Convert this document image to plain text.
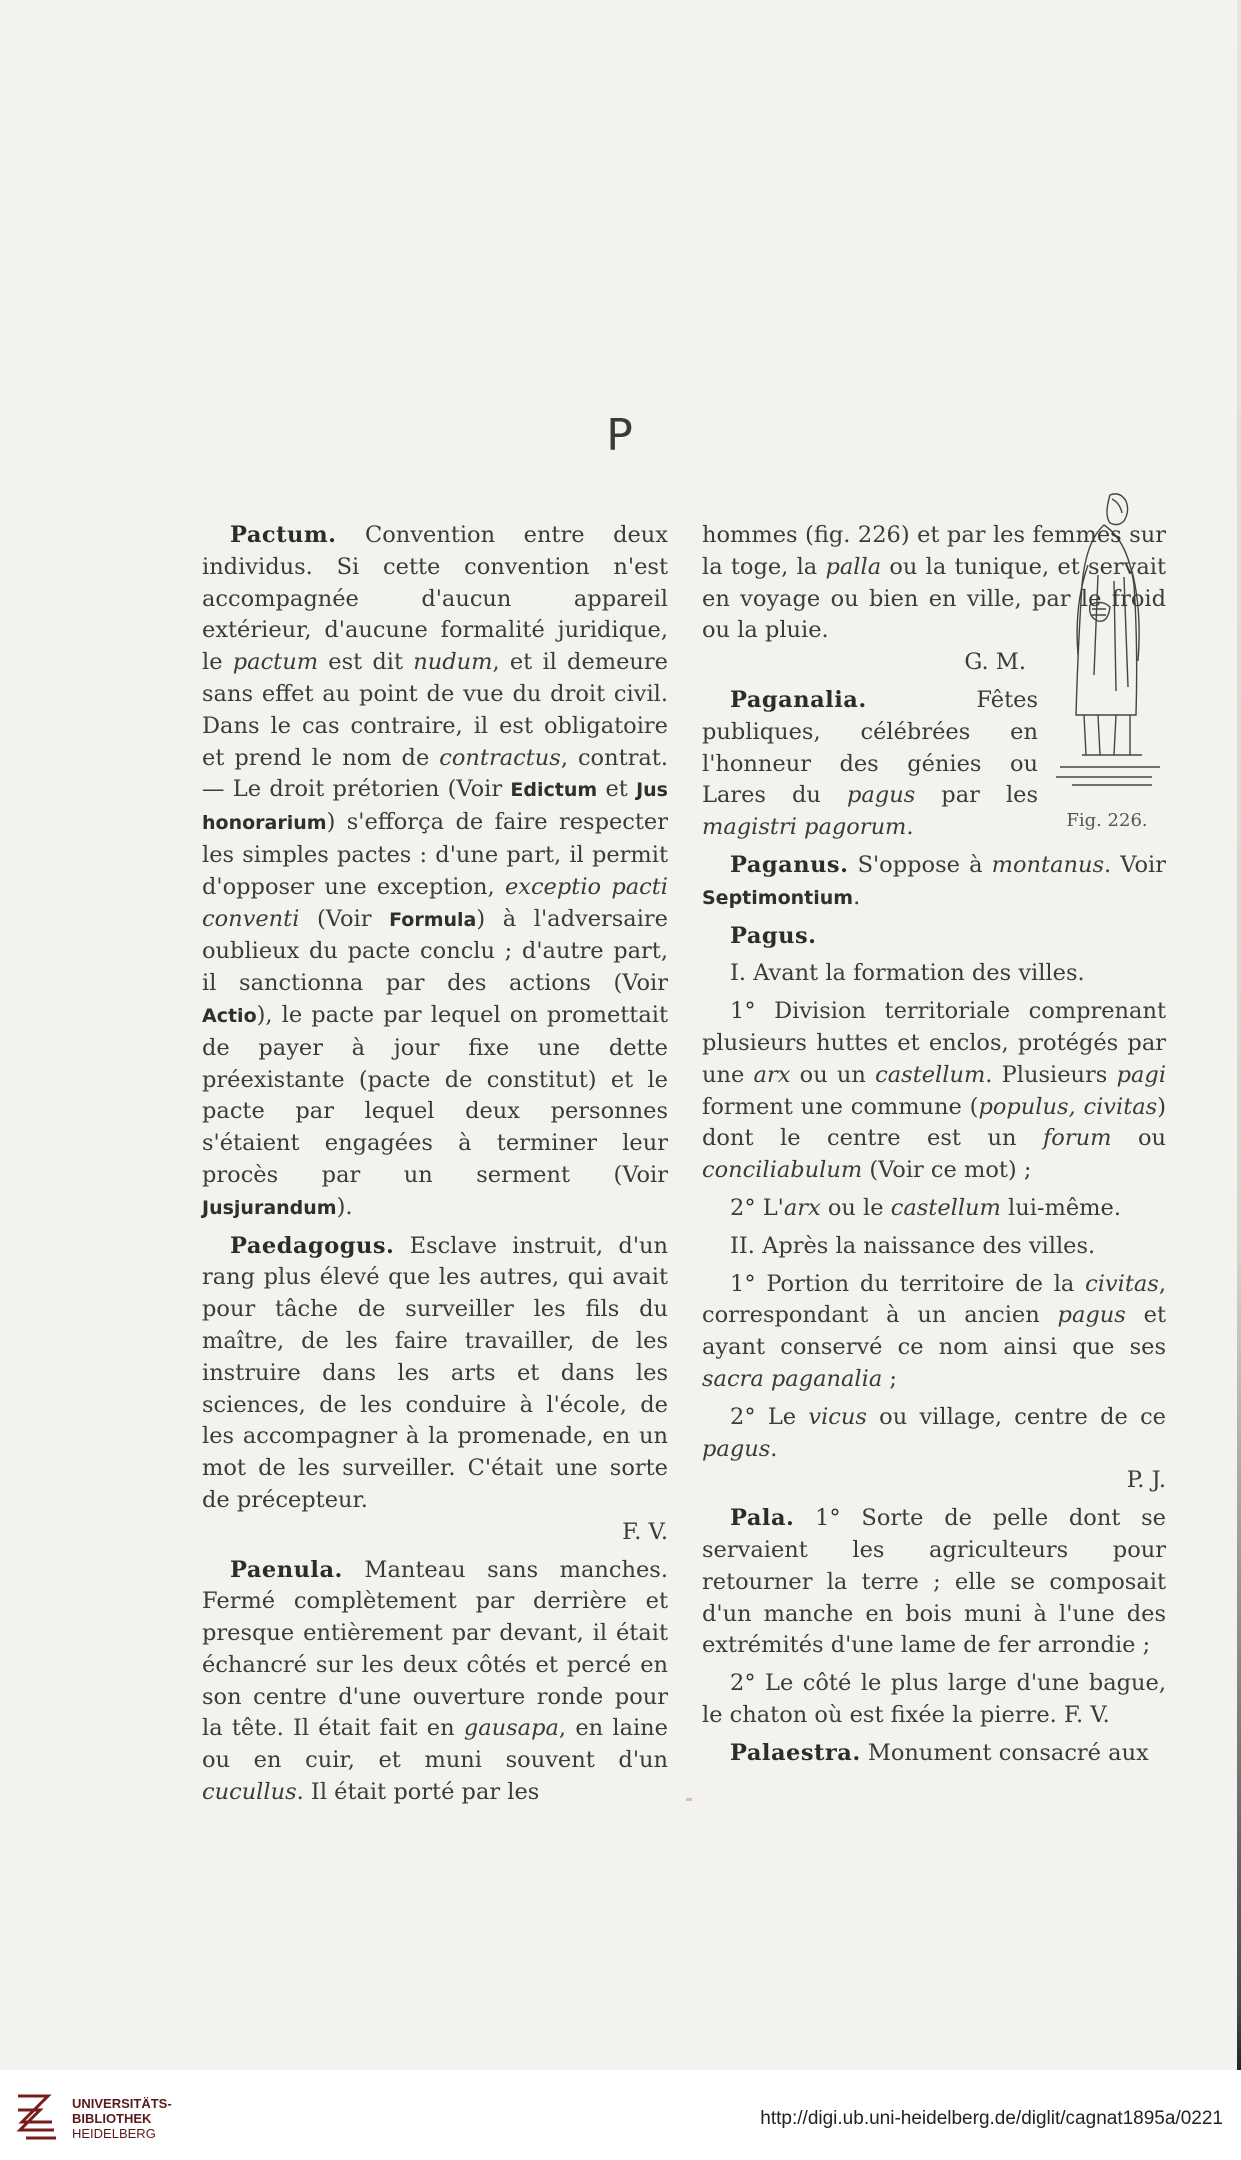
P

Pactum. Convention entre deux individus. Si cette convention n'est accompagnée d'aucun appareil extérieur, d'aucune formalité juridique, le pactum est dit nudum, et il demeure sans effet au point de vue du droit civil. Dans le cas contraire, il est obligatoire et prend le nom de contractus, contrat. — Le droit prétorien (Voir Edictum et Jus honorarium) s'efforça de faire respecter les simples pactes : d'une part, il permit d'opposer une exception, exceptio pacti conventi (Voir Formula) à l'adversaire oublieux du pacte conclu ; d'autre part, il sanctionna par des actions (Voir Actio), le pacte par lequel on promettait de payer à jour fixe une dette préexistante (pacte de constitut) et le pacte par lequel deux personnes s'étaient engagées à terminer leur procès par un serment (Voir Jusjurandum).

Paedagogus. Esclave instruit, d'un rang plus élevé que les autres, qui avait pour tâche de surveiller les fils du maître, de les faire travailler, de les instruire dans les arts et dans les sciences, de les conduire à l'école, de les accompagner à la promenade, en un mot de les surveiller. C'était une sorte de précepteur.
F. V.

Paenula. Manteau sans manches. Fermé complètement par derrière et presque entièrement par devant, il était échancré sur les deux côtés et percé en son centre d'une ouverture ronde pour la tête. Il était fait en gausapa, en laine ou en cuir, et muni souvent d'un cucullus. Il était porté par les

hommes (fig. 226) et par les femmes sur la toge, la palla ou la tunique, et servait en voyage ou bien en ville, par le froid ou la pluie.
G. M.

Fig. 226.

Paganalia. Fêtes publiques, célébrées en l'honneur des génies ou Lares du pagus par les magistri pagorum.

Paganus. S'oppose à montanus. Voir Septimontium.

Pagus.

I. Avant la formation des villes.

1° Division territoriale comprenant plusieurs huttes et enclos, protégés par une arx ou un castellum. Plusieurs pagi forment une commune (populus, civitas) dont le centre est un forum ou conciliabulum (Voir ce mot) ;

2° L'arx ou le castellum lui-même.

II. Après la naissance des villes.

1° Portion du territoire de la civitas, correspondant à un ancien pagus et ayant conservé ce nom ainsi que ses sacra paganalia ;

2° Le vicus ou village, centre de ce pagus.
P. J.

Pala. 1° Sorte de pelle dont se servaient les agriculteurs pour retourner la terre ; elle se composait d'un manche en bois muni à l'une des extrémités d'une lame de fer arrondie ;

2° Le côté le plus large d'une bague, le chaton où est fixée la pierre. F. V.

Palaestra. Monument consacré aux

UNIVERSITÄTS-
BIBLIOTHEK
HEIDELBERG
http://digi.ub.uni-heidelberg.de/diglit/cagnat1895a/0221
